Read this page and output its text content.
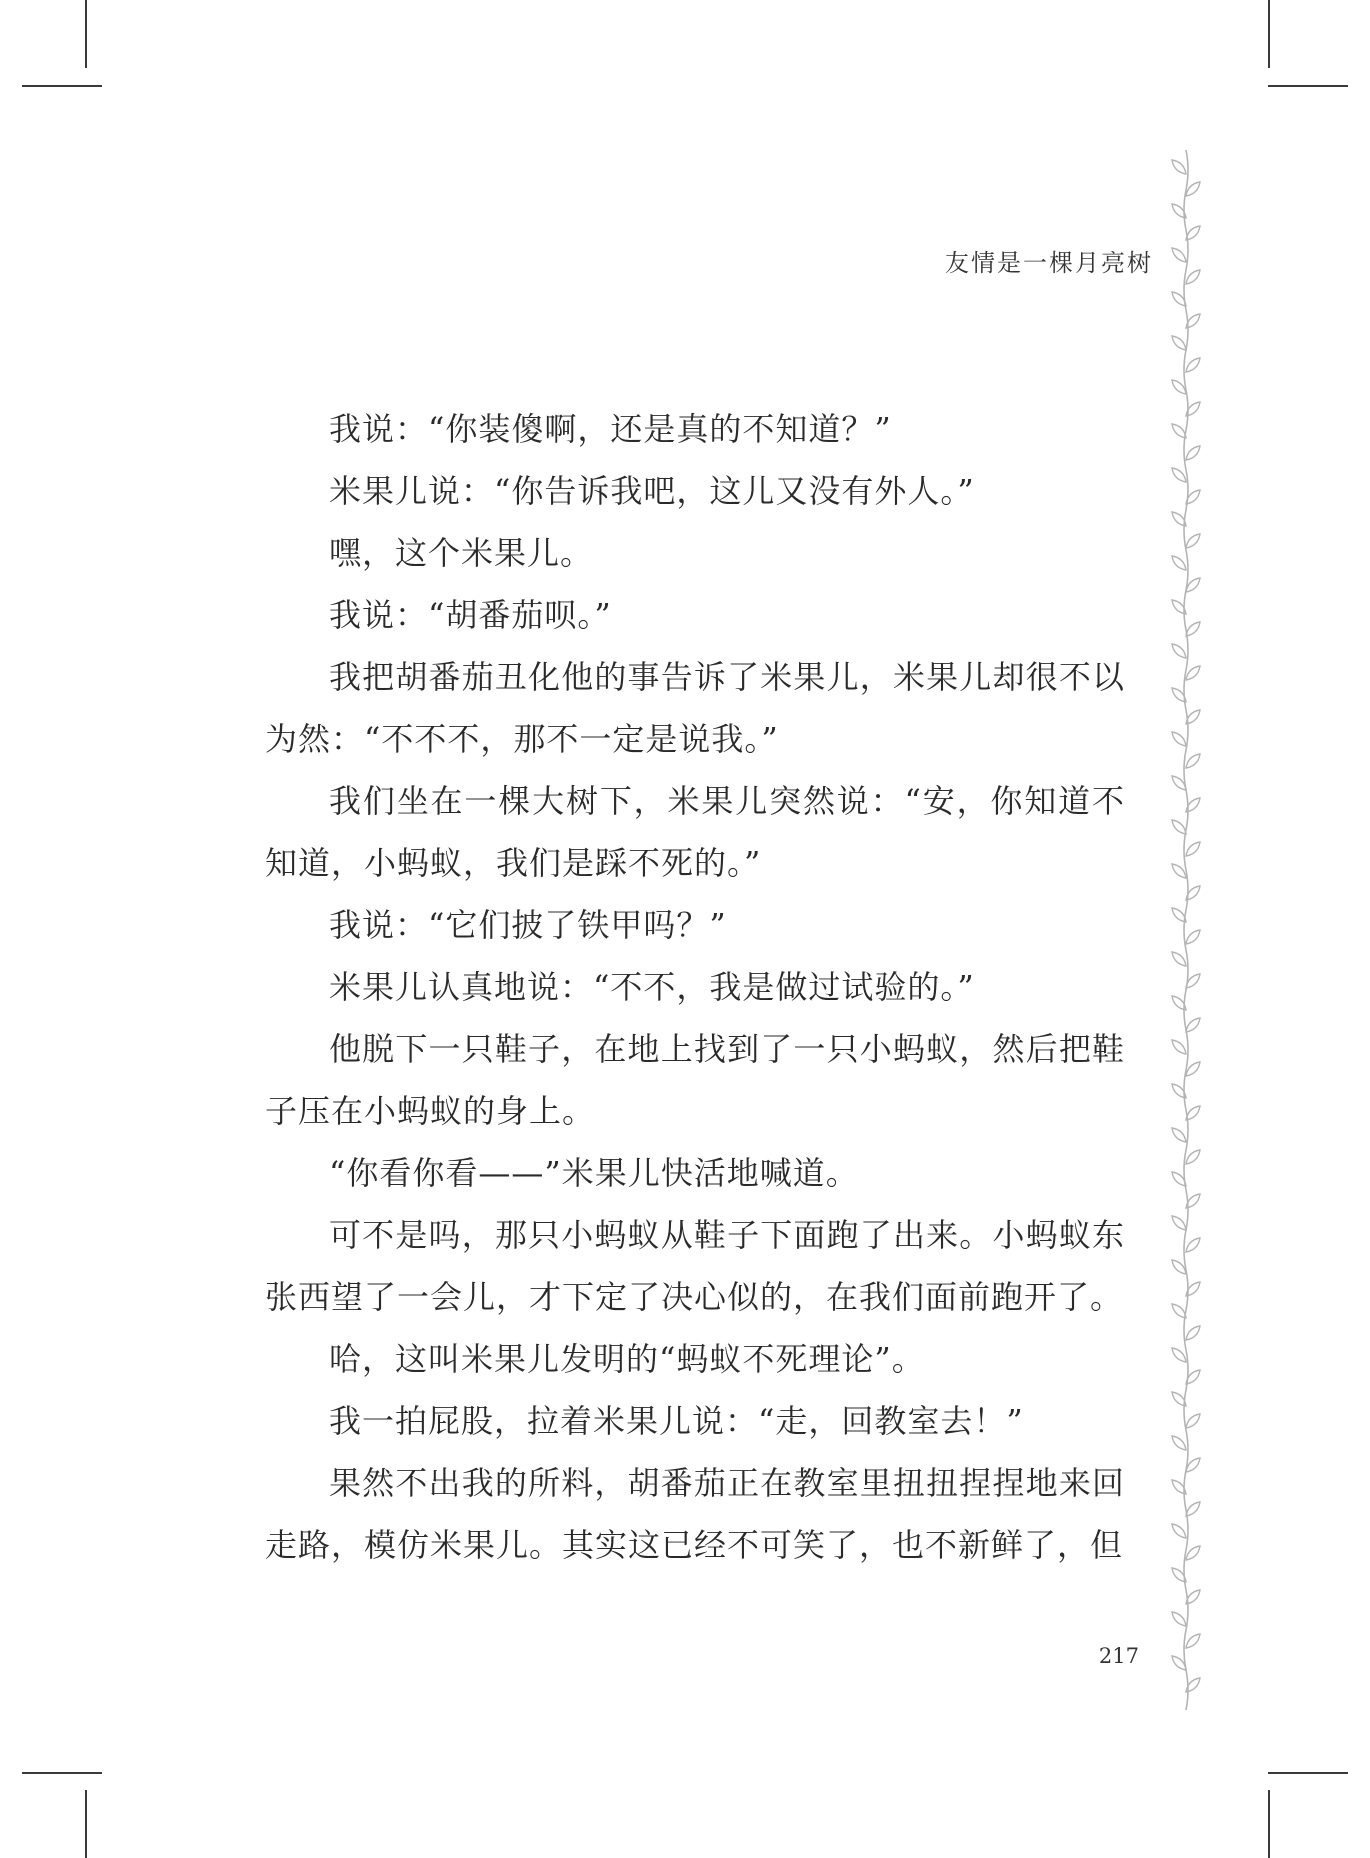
友情是一棵月亮树

我说：“你装傻啊，还是真的不知道？”

米果儿说：“你告诉我吧，这儿又没有外人。”

嘿，这个米果儿。

我说：“胡番茄呗。”

我把胡番茄丑化他的事告诉了米果儿，米果儿却很不以为然：“不不不，那不一定是说我。”

我们坐在一棵大树下，米果儿突然说：“安，你知道不知道，小蚂蚁，我们是踩不死的。”

我说：“它们披了铁甲吗？”

米果儿认真地说：“不不，我是做过试验的。”

他脱下一只鞋子，在地上找到了一只小蚂蚁，然后把鞋子压在小蚂蚁的身上。

“你看你看——”米果儿快活地喊道。

可不是吗，那只小蚂蚁从鞋子下面跑了出来。小蚂蚁东张西望了一会儿，才下定了决心似的，在我们面前跑开了。

哈，这叫米果儿发明的“蚂蚁不死理论”。

我一拍屁股，拉着米果儿说：“走，回教室去！”

果然不出我的所料，胡番茄正在教室里扭扭捏捏地来回走路，模仿米果儿。其实这已经不可笑了，也不新鲜了，但

217
